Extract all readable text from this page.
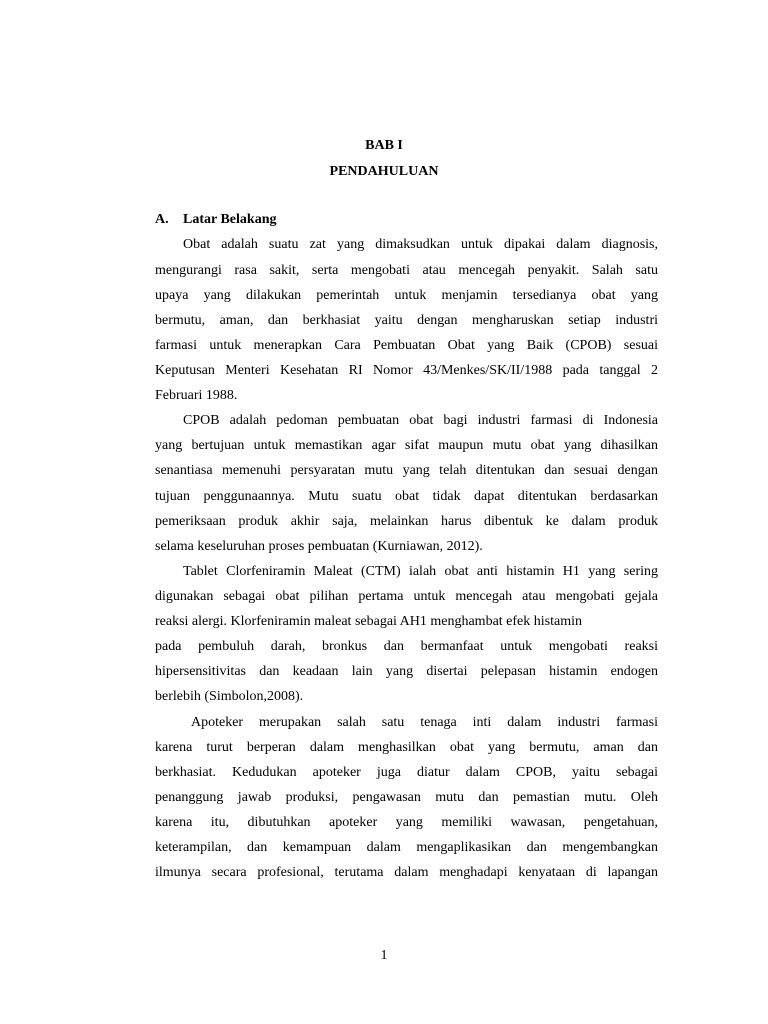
BAB I
PENDAHULUAN
A. Latar Belakang
Obat adalah suatu zat yang dimaksudkan untuk dipakai dalam diagnosis,
mengurangi rasa sakit, serta mengobati atau mencegah penyakit. Salah satu
upaya yang dilakukan pemerintah untuk menjamin tersedianya obat yang
bermutu, aman, dan berkhasiat yaitu dengan mengharuskan setiap industri
farmasi untuk menerapkan Cara Pembuatan Obat yang Baik (CPOB) sesuai
Keputusan Menteri Kesehatan RI Nomor 43/Menkes/SK/II/1988 pada tanggal 2
Februari 1988.
CPOB adalah pedoman pembuatan obat bagi industri farmasi di Indonesia
yang bertujuan untuk memastikan agar sifat maupun mutu obat yang dihasilkan
senantiasa memenuhi persyaratan mutu yang telah ditentukan dan sesuai dengan
tujuan penggunaannya. Mutu suatu obat tidak dapat ditentukan berdasarkan
pemeriksaan produk akhir saja, melainkan harus dibentuk ke dalam produk
selama keseluruhan proses pembuatan (Kurniawan, 2012).
Tablet Clorfeniramin Maleat (CTM) ialah obat anti histamin H1 yang sering
digunakan sebagai obat pilihan pertama untuk mencegah atau mengobati gejala
reaksi alergi. Klorfeniramin maleat sebagai AH1 menghambat efek histamin
pada pembuluh darah, bronkus dan bermanfaat untuk mengobati reaksi
hipersensitivitas dan keadaan lain yang disertai pelepasan histamin endogen
berlebih (Simbolon,2008).
Apoteker merupakan salah satu tenaga inti dalam industri farmasi
karena turut berperan dalam menghasilkan obat yang bermutu, aman dan
berkhasiat. Kedudukan apoteker juga diatur dalam CPOB, yaitu sebagai
penanggung jawab produksi, pengawasan mutu dan pemastian mutu. Oleh
karena itu, dibutuhkan apoteker yang memiliki wawasan, pengetahuan,
keterampilan, dan kemampuan dalam mengaplikasikan dan mengembangkan
ilmunya secara profesional, terutama dalam menghadapi kenyataan di lapangan
1
